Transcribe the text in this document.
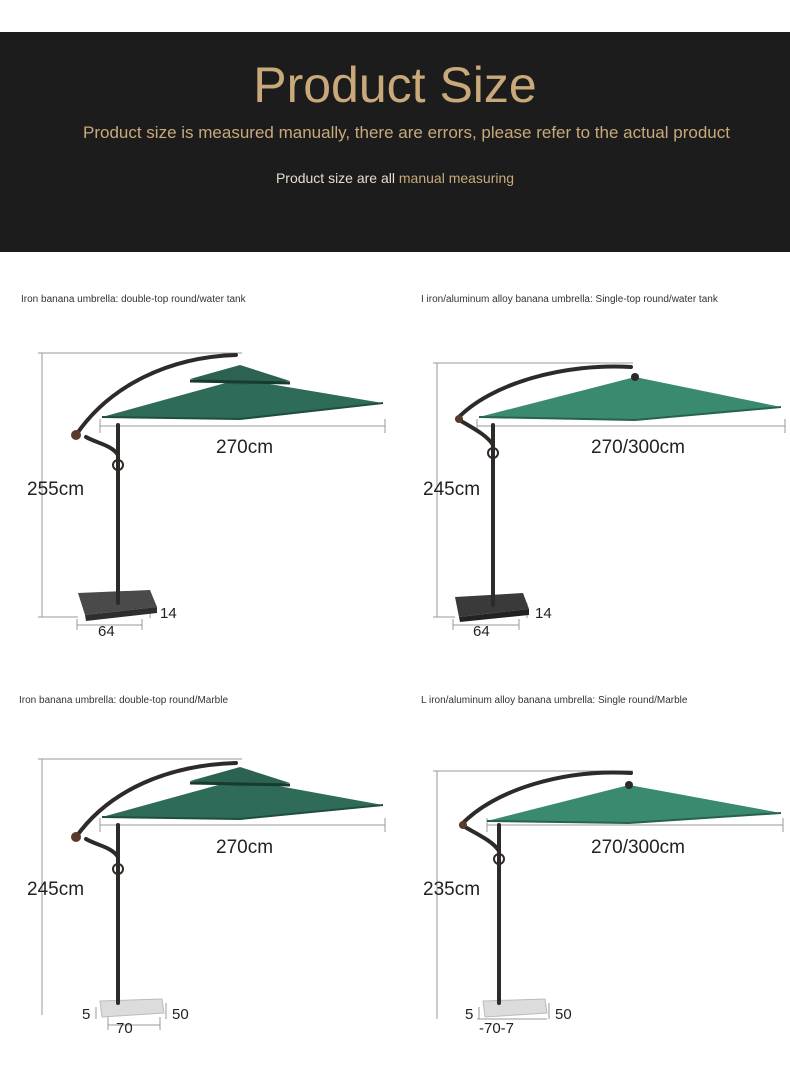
Product Size
Product size is measured manually, there are errors, please refer to the actual product
Product size are all manual measuring
Iron banana umbrella: double-top round/water tank
270cm
255cm
64
14
I iron/aluminum alloy banana umbrella: Single-top round/water tank
270/300cm
245cm
64
14
Iron banana umbrella: double-top round/Marble
270cm
245cm
70
50
5
L iron/aluminum alloy banana umbrella: Single round/Marble
270/300cm
235cm
-70-7
50
5
